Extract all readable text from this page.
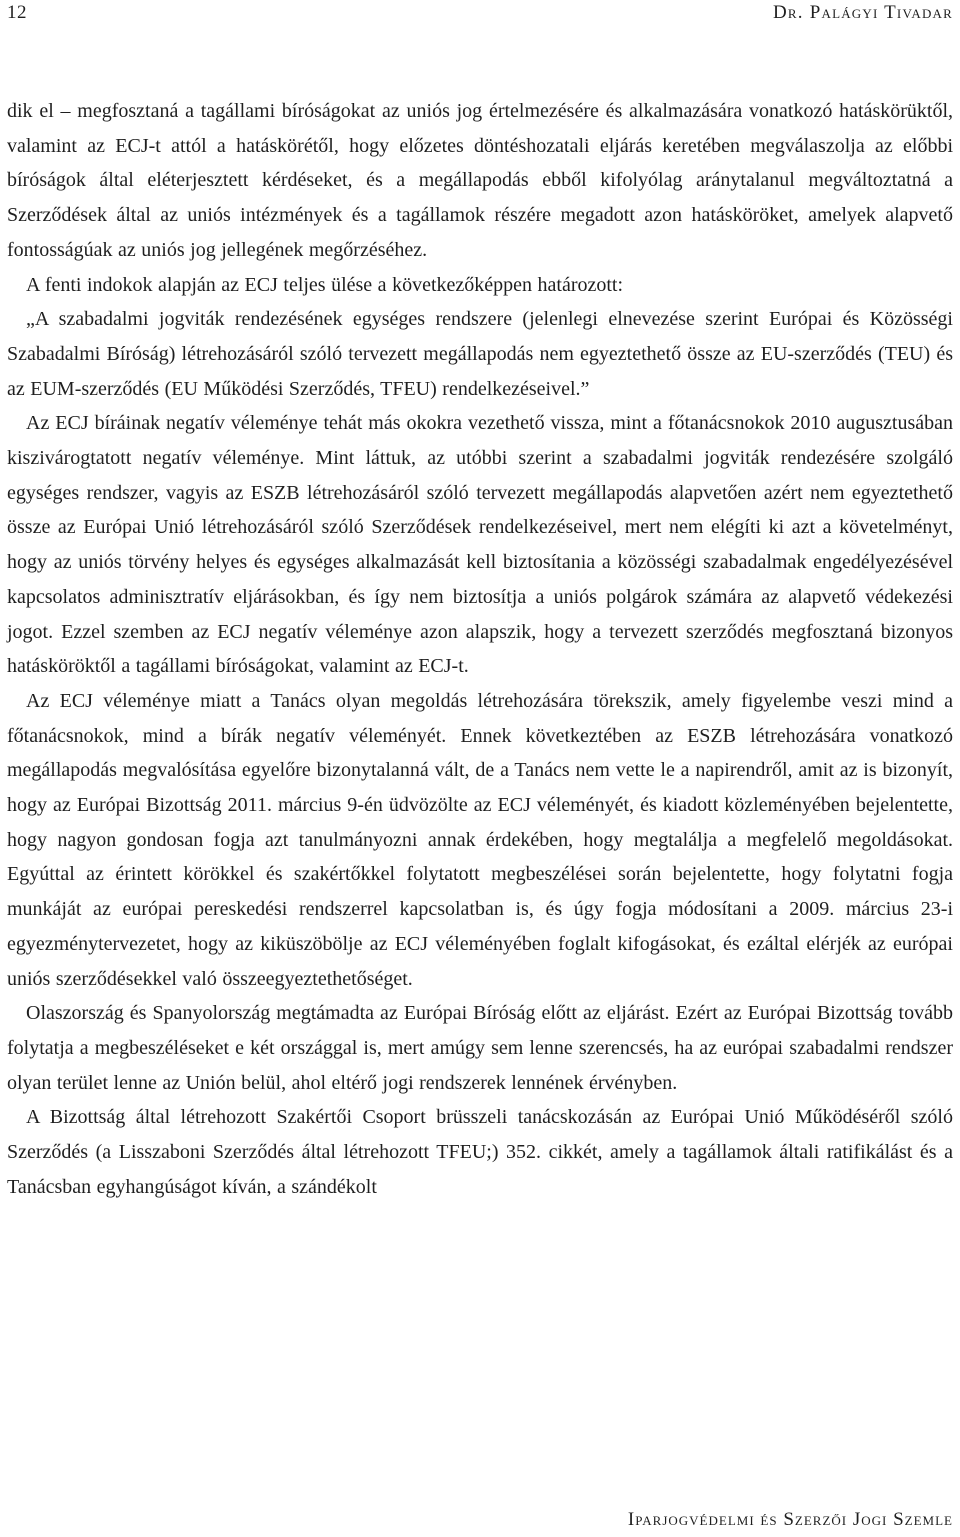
12	Dr. Palágyi Tivadar

dik el – megfosztaná a tagállami bíróságokat az uniós jog értelmezésére és alkalmazására vonatkozó hatáskörüktől, valamint az ECJ-t attól a hatáskörétől, hogy előzetes döntéshozatali eljárás keretében megválaszolja az előbbi bíróságok által eléterjesztett kérdéseket, és a megállapodás ebből kifolyólag aránytalanul megváltoztatná a Szerződések által az uniós intézmények és a tagállamok részére megadott azon hatásköröket, amelyek alapvető fontosságúak az uniós jog jellegének megőrzéséhez.

A fenti indokok alapján az ECJ teljes ülése a következőképpen határozott:

„A szabadalmi jogviták rendezésének egységes rendszere (jelenlegi elnevezése szerint Európai és Közösségi Szabadalmi Bíróság) létrehozásáról szóló tervezett megállapodás nem egyeztethető össze az EU-szerződés (TEU) és az EUM-szerződés (EU Működési Szerződés, TFEU) rendelkezéseivel.”

Az ECJ bíráinak negatív véleménye tehát más okokra vezethető vissza, mint a főtanácsnokok 2010 augusztusában kiszivárogtatott negatív véleménye. Mint láttuk, az utóbbi szerint a szabadalmi jogviták rendezésére szolgáló egységes rendszer, vagyis az ESZB létrehozásáról szóló tervezett megállapodás alapvetően azért nem egyeztethető össze az Európai Unió létrehozásáról szóló Szerződések rendelkezéseivel, mert nem elégíti ki azt a követelményt, hogy az uniós törvény helyes és egységes alkalmazását kell biztosítania a közösségi szabadalmak engedélyezésével kapcsolatos adminisztratív eljárásokban, és így nem biztosítja a uniós polgárok számára az alapvető védekezési jogot. Ezzel szemben az ECJ negatív véleménye azon alapszik, hogy a tervezett szerződés megfosztaná bizonyos hatásköröktől a tagállami bíróságokat, valamint az ECJ-t.

Az ECJ véleménye miatt a Tanács olyan megoldás létrehozására törekszik, amely figyelembe veszi mind a főtanácsnokok, mind a bírák negatív véleményét. Ennek következtében az ESZB létrehozására vonatkozó megállapodás megvalósítása egyelőre bizonytalanná vált, de a Tanács nem vette le a napirendről, amit az is bizonyít, hogy az Európai Bizottság 2011. március 9-én üdvözölte az ECJ véleményét, és kiadott közleményében bejelentette, hogy nagyon gondosan fogja azt tanulmányozni annak érdekében, hogy megtalálja a megfelelő megoldásokat. Egyúttal az érintett körökkel és szakértőkkel folytatott megbeszélései során bejelentette, hogy folytatni fogja munkáját az európai pereskedési rendszerrel kapcsolatban is, és úgy fogja módosítani a 2009. március 23-i egyezménytervezetet, hogy az kiküszöbölje az ECJ véleményében foglalt kifogásokat, és ezáltal elérjék az európai uniós szerződésekkel való összeegyeztethetőséget.

Olaszország és Spanyolország megtámadta az Európai Bíróság előtt az eljárást. Ezért az Európai Bizottság tovább folytatja a megbeszéléseket e két országgal is, mert amúgy sem lenne szerencsés, ha az európai szabadalmi rendszer olyan terület lenne az Unión belül, ahol eltérő jogi rendszerek lennének érvényben.

A Bizottság által létrehozott Szakértői Csoport brüsszeli tanácskozásán az Európai Unió Működéséről szóló Szerződés (a Lisszaboni Szerződés által létrehozott TFEU;) 352. cikkét, amely a tagállamok általi ratifikálást és a Tanácsban egyhangúságot kíván, a szándékolt

Iparjogvédelmi és Szerzői Jogi Szemle
